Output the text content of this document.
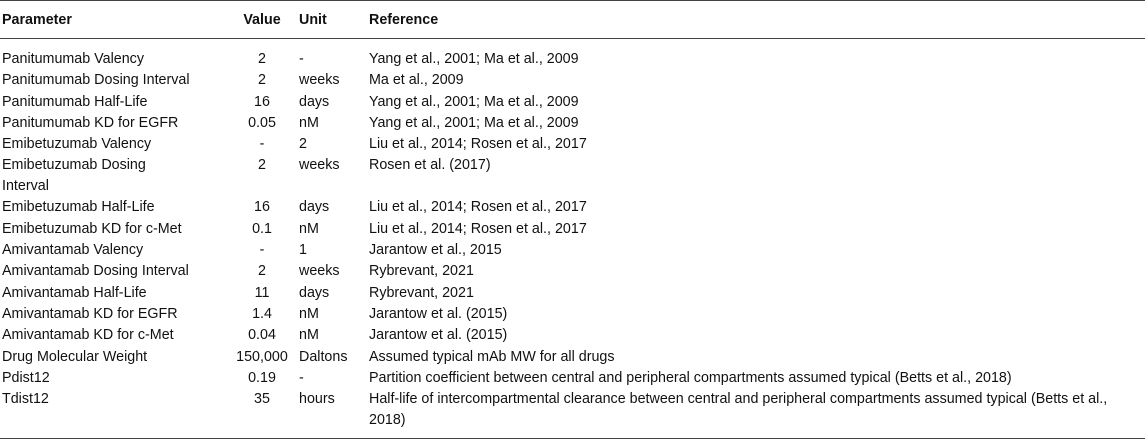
Parameter	Value	Unit	Reference

Panitumumab Valency	2	-	Yang et al., 2001; Ma et al., 2009
Panitumumab Dosing Interval	2	weeks	Ma et al., 2009
Panitumumab Half-Life	16	days	Yang et al., 2001; Ma et al., 2009
Panitumumab KD for EGFR	0.05	nM	Yang et al., 2001; Ma et al., 2009
Emibetuzumab Valency	-	2	Liu et al., 2014; Rosen et al., 2017
Emibetuzumab Dosing Interval	2	weeks	Rosen et al. (2017)
Emibetuzumab Half-Life	16	days	Liu et al., 2014; Rosen et al., 2017
Emibetuzumab KD for c-Met	0.1	nM	Liu et al., 2014; Rosen et al., 2017
Amivantamab Valency	-	1	Jarantow et al., 2015
Amivantamab Dosing Interval	2	weeks	Rybrevant, 2021
Amivantamab Half-Life	11	days	Rybrevant, 2021
Amivantamab KD for EGFR	1.4	nM	Jarantow et al. (2015)
Amivantamab KD for c-Met	0.04	nM	Jarantow et al. (2015)
Drug Molecular Weight	150,000	Daltons	Assumed typical mAb MW for all drugs
Pdist12	0.19	-	Partition coefficient between central and peripheral compartments assumed typical (Betts et al., 2018)
Tdist12	35	hours	Half-life of intercompartmental clearance between central and peripheral compartments assumed typical (Betts et al., 2018)
